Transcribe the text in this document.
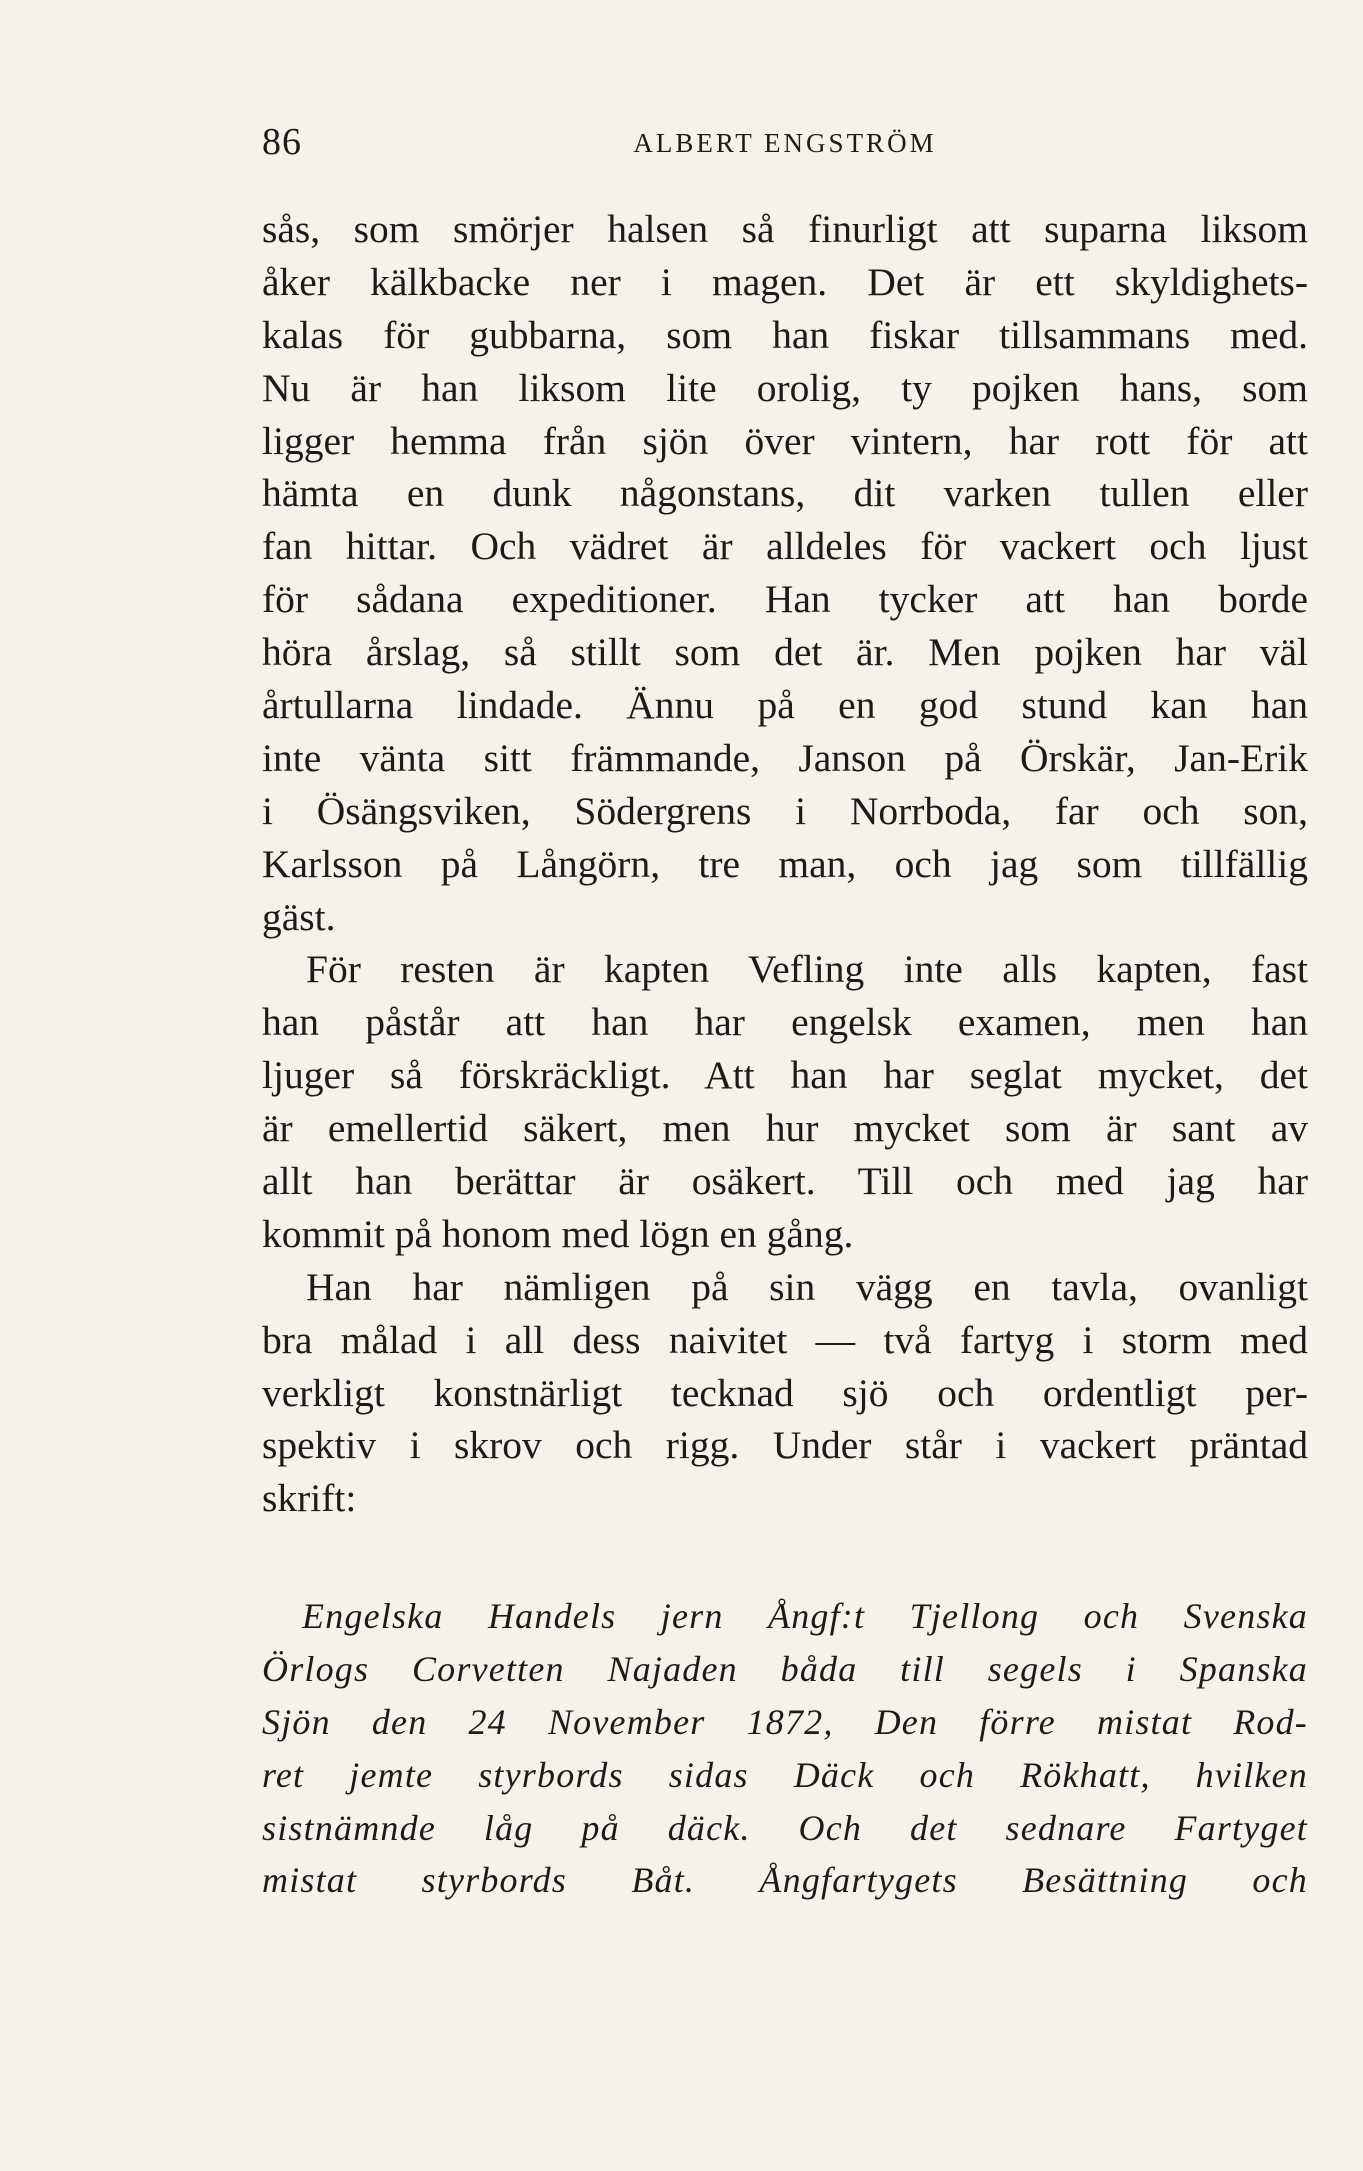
86	ALBERT ENGSTRÖM
sås, som smörjer halsen så finurligt att suparna liksom
åker kälkbacke ner i magen. Det är ett skyldighets-
kalas för gubbarna, som han fiskar tillsammans med.
Nu är han liksom lite orolig, ty pojken hans, som
ligger hemma från sjön över vintern, har rott för att
hämta en dunk någonstans, dit varken tullen eller
fan hittar. Och vädret är alldeles för vackert och ljust
för sådana expeditioner. Han tycker att han borde
höra årslag, så stillt som det är. Men pojken har väl
årtullarna lindade. Ännu på en god stund kan han
inte vänta sitt främmande, Janson på Örskär, Jan-Erik
i Ösängsviken, Södergrens i Norrboda, far och son,
Karlsson på Långörn, tre man, och jag som tillfällig
gäst.
För resten är kapten Vefling inte alls kapten, fast
han påstår att han har engelsk examen, men han
ljuger så förskräckligt. Att han har seglat mycket, det
är emellertid säkert, men hur mycket som är sant av
allt han berättar är osäkert. Till och med jag har
kommit på honom med lögn en gång.
Han har nämligen på sin vägg en tavla, ovanligt
bra målad i all dess naivitet — två fartyg i storm med
verkligt konstnärligt tecknad sjö och ordentligt per-
spektiv i skrov och rigg. Under står i vackert präntad
skrift:
Engelska Handels jern Ångf:t Tjellong och Svenska
Örlogs Corvetten Najaden båda till segels i Spanska
Sjön den 24 November 1872, Den förre mistat Rod-
ret jemte styrbords sidas Däck och Rökhatt, hvilken
sistnämnde låg på däck. Och det sednare Fartyget
mistat styrbords Båt. Ångfartygets Besättning och
